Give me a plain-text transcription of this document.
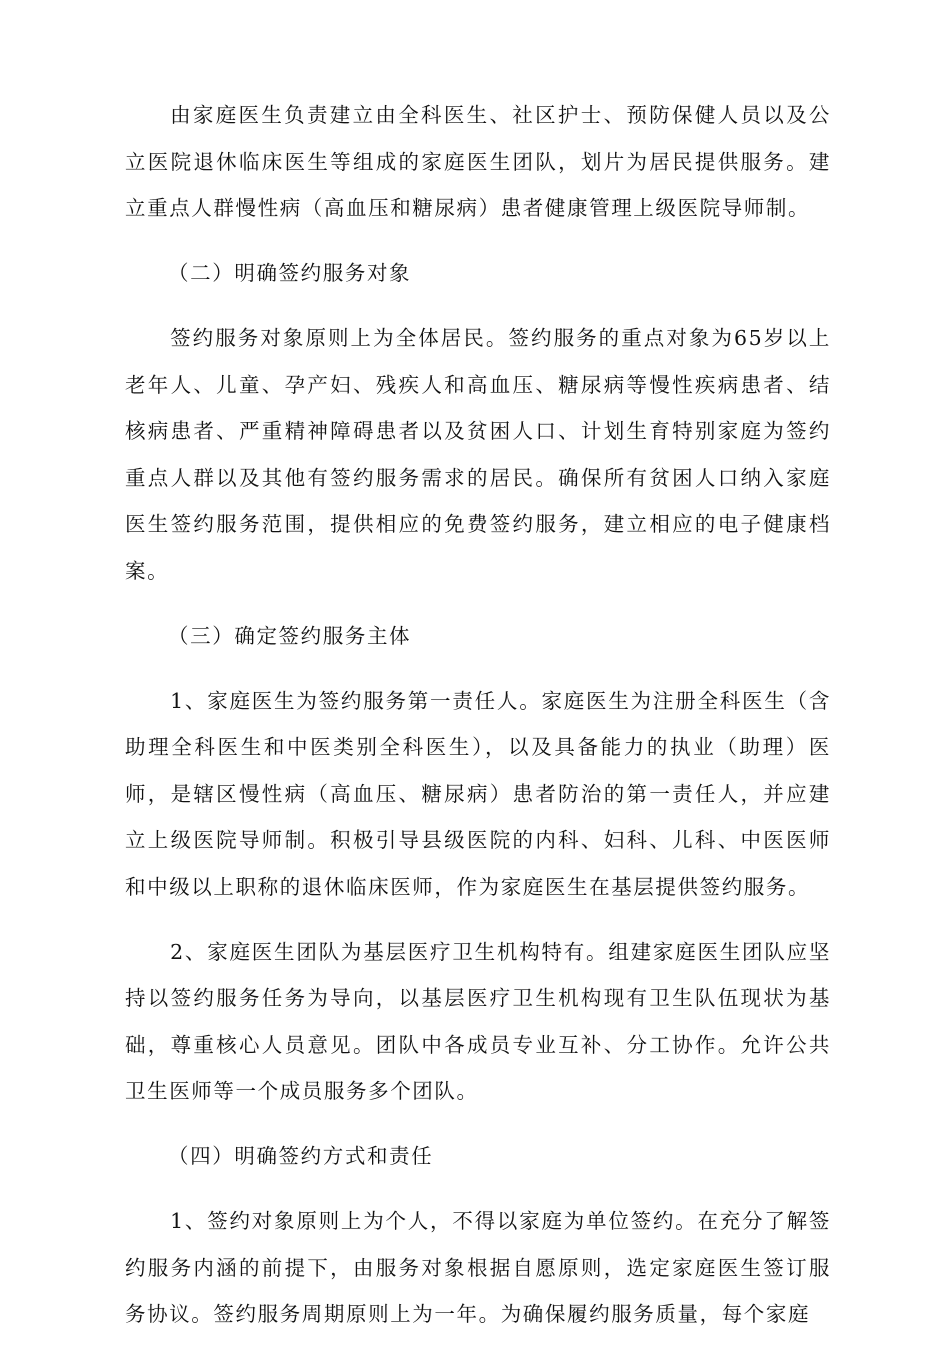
由家庭医生负责建立由全科医生、社区护士、预防保健人员以及公立医院退休临床医生等组成的家庭医生团队，划片为居民提供服务。建立重点人群慢性病（高血压和糖尿病）患者健康管理上级医院导师制。

（二）明确签约服务对象

签约服务对象原则上为全体居民。签约服务的重点对象为65岁以上老年人、儿童、孕产妇、残疾人和高血压、糖尿病等慢性疾病患者、结核病患者、严重精神障碍患者以及贫困人口、计划生育特别家庭为签约重点人群以及其他有签约服务需求的居民。确保所有贫困人口纳入家庭医生签约服务范围，提供相应的免费签约服务，建立相应的电子健康档案。

（三）确定签约服务主体

1、家庭医生为签约服务第一责任人。家庭医生为注册全科医生（含助理全科医生和中医类别全科医生），以及具备能力的执业（助理）医师，是辖区慢性病（高血压、糖尿病）患者防治的第一责任人，并应建立上级医院导师制。积极引导县级医院的内科、妇科、儿科、中医医师和中级以上职称的退休临床医师，作为家庭医生在基层提供签约服务。

2、家庭医生团队为基层医疗卫生机构特有。组建家庭医生团队应坚持以签约服务任务为导向，以基层医疗卫生机构现有卫生队伍现状为基础，尊重核心人员意见。团队中各成员专业互补、分工协作。允许公共卫生医师等一个成员服务多个团队。

（四）明确签约方式和责任

1、签约对象原则上为个人，不得以家庭为单位签约。在充分了解签约服务内涵的前提下，由服务对象根据自愿原则，选定家庭医生签订服务协议。签约服务周期原则上为一年。为确保履约服务质量，每个家庭
